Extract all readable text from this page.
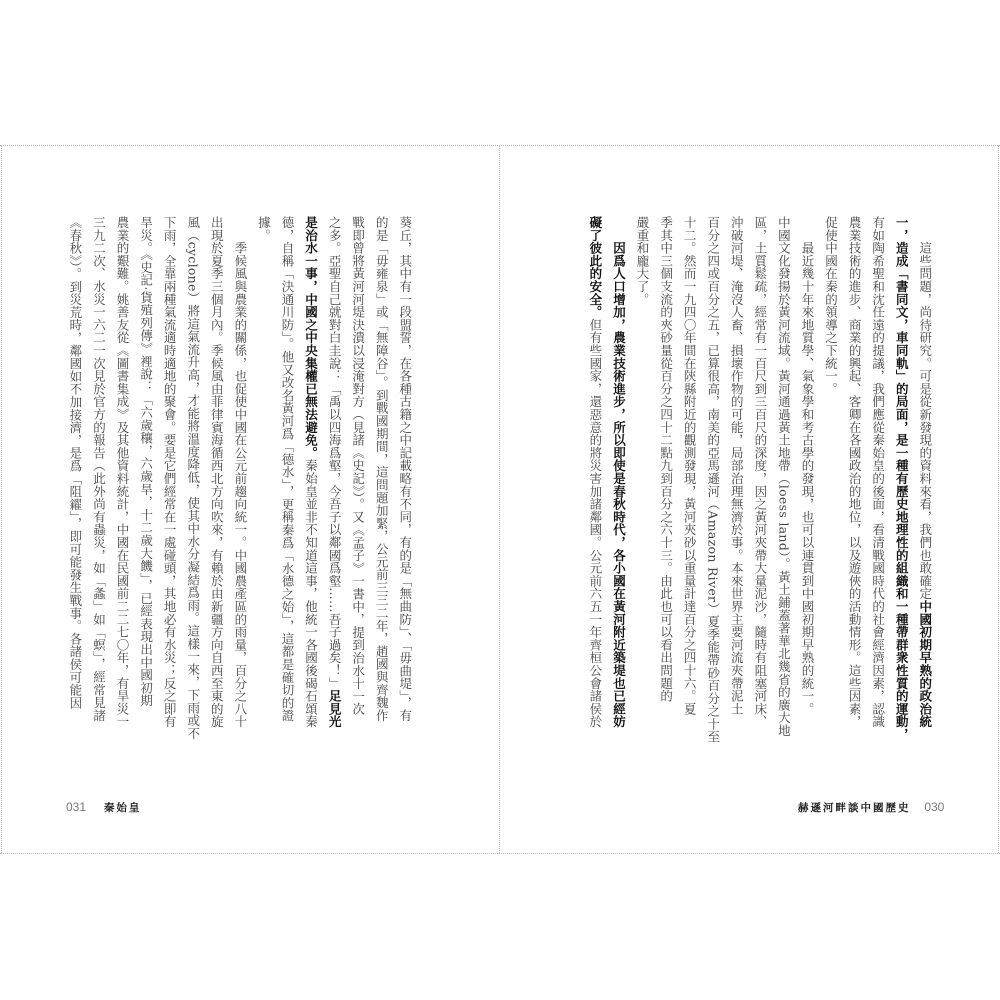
葵丘，其中有一段盟誓，在各種古籍之中記載略有不同，有的是「無曲防」、「毋曲堤」，有
的是「毋雍泉」或「無障谷」。到戰國期間，這問題加緊，公元前三三二年，趙國與齊魏作
戰即曾將黃河河堤決潰以浸淹對方（見諸《史記》）。又《孟子》一書中，提到治水十一次
之多。亞聖自己就對白圭說：「禹以四海爲壑，今吾子以鄰國爲壑……吾子過矣！」足見光
是治水一事，中國之中央集權已無法避免。秦始皇並非不知道這事，他統一各國後碣石頌秦
德，自稱「決通川防」。他又改名黃河爲「德水」，更稱秦爲「水德之始」，這都是確切的證
據。
　　季候風與農業的關係，也促使中國在公元前趨向統一。中國農產區的雨量，百分之八十
出現於夏季三個月內。季候風由菲律賓海循西北方向吹來，有賴於由新疆方向自西至東的旋
風（cyclone）將這氣流升高，才能將溫度降低，使其中水分凝結爲雨。這樣一來，下雨或不
下雨，全靠兩種氣流適時適地的聚會。要是它們經常在一處碰頭，其地必有水災；反之即有
旱災。《史記‧貨殖列傳》裡說：「六歲穰，六歲旱，十二歲大饑」，已經表現出中國初期
農業的艱難。姚善友從《圖書集成》及其他資料統計，中國在民國前二二七〇年，有旱災一
三九二次、水災一六二一次見於官方的報告（此外尚有蟲災，如「螽」如「螟」，經常見諸
《春秋》）。到災荒時，鄰國如不加接濟，是爲「阻糴」，即可能發生戰事。各諸侯可能因	　　這些問題，尚待研究。可是從新發現的資料來看，我們也敢確定中國初期早熟的政治統
一，造成「書同文，車同軌」的局面，是一種有歷史地理性的組織和一種帶群衆性質的運動，
有如陶希聖和沈任遠的提議，我們應從秦始皇的後面，看清戰國時代的社會經濟因素，認識
農業技術的進步、商業的興起、客卿在各國政治的地位，以及遊俠的活動情形。這些因素，
促使中國在秦的領導之下統一。
　　最近幾十年來地質學、氣象學和考古學的發現，也可以連貫到中國初期早熟的統一。
中國文化發揚於黃河流域。黃河通過黃土地帶（loess land）。黃土鋪蓋著華北幾省的廣大地
區，土質鬆疏，經常有一百尺到三百尺的深度，因之黃河夾帶大量泥沙，隨時有阻塞河床、
沖破河堤、淹沒人畜、損壞作物的可能，局部治理無濟於事。本來世界主要河流夾帶泥土
百分之四或百分之五，已算很高，南美的亞馬遜河（Amazon River）夏季能帶砂百分之十至
十二。然而一九四〇年間在陝縣附近的觀測發現，黃河夾砂以重量計達百分之四十六。夏
季其中三個支流的夾砂量從百分之四十二點九到百分之六十三。由此也可以看出問題的
嚴重和龐大了。
　　因爲人口增加，農業技術進步，所以即使是春秋時代，各小國在黃河附近築堤也已經妨
礙了彼此的安全。但有些國家，還惡意的將災害加諸鄰國。公元前六五一年齊桓公會諸侯於
031 秦始皇	赫遜河畔談中國歷史 030
